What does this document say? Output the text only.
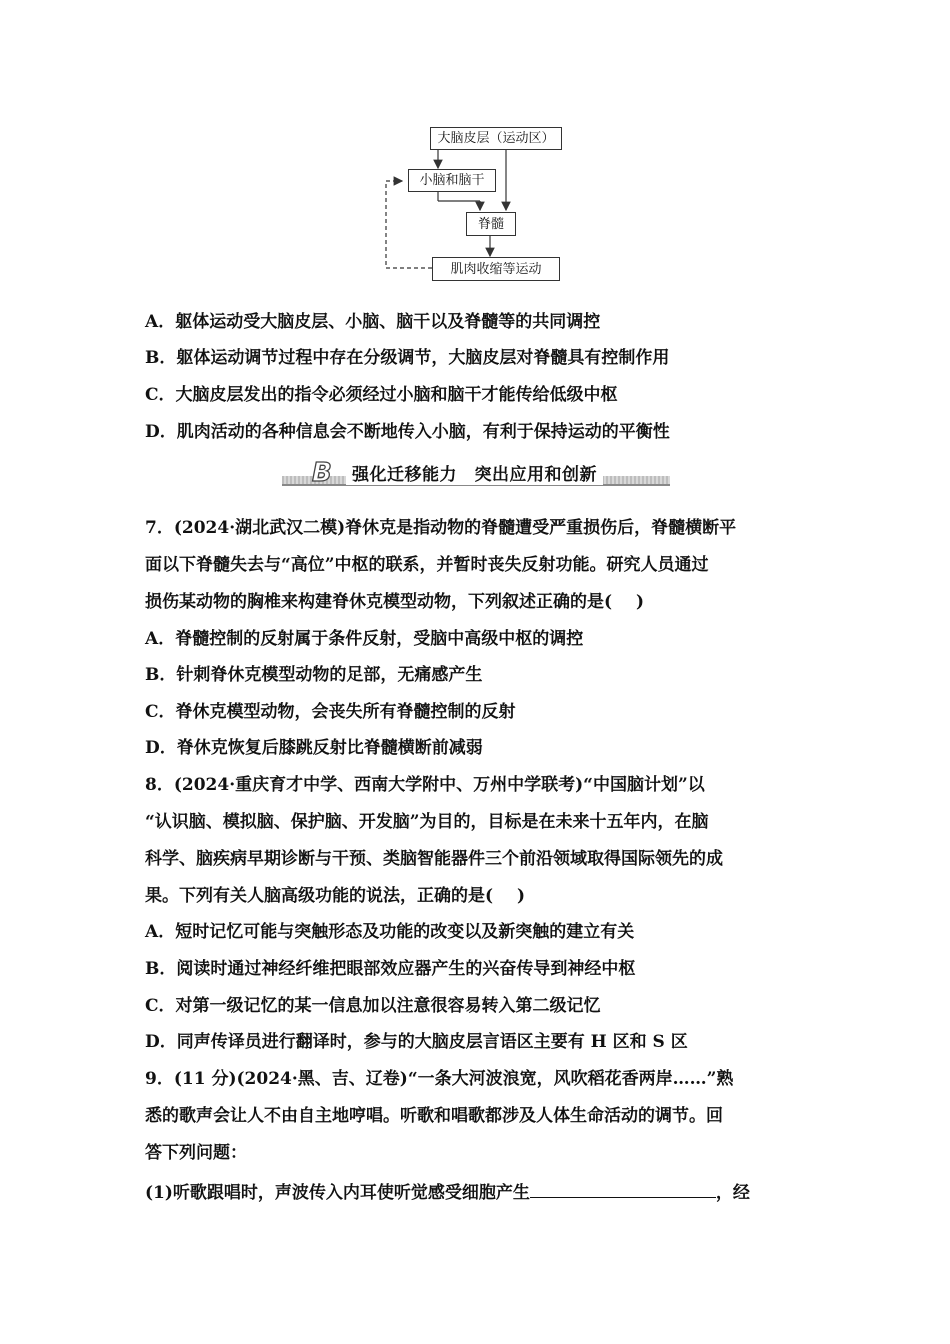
大脑皮层（运动区）
小脑和脑干
脊髓
肌肉收缩等运动

A．躯体运动受大脑皮层、小脑、脑干以及脊髓等的共同调控

B．躯体运动调节过程中存在分级调节，大脑皮层对脊髓具有控制作用

C．大脑皮层发出的指令必须经过小脑和脑干才能传给低级中枢

D．肌肉活动的各种信息会不断地传入小脑，有利于保持运动的平衡性

B	强化迁移能力　突出应用和创新

7．(2024·湖北武汉二模)脊休克是指动物的脊髓遭受严重损伤后，脊髓横断平

面以下脊髓失去与“高位”中枢的联系，并暂时丧失反射功能。研究人员通过

损伤某动物的胸椎来构建脊休克模型动物，下列叙述正确的是( )

A．脊髓控制的反射属于条件反射，受脑中高级中枢的调控

B．针刺脊休克模型动物的足部，无痛感产生

C．脊休克模型动物，会丧失所有脊髓控制的反射

D．脊休克恢复后膝跳反射比脊髓横断前减弱

8．(2024·重庆育才中学、西南大学附中、万州中学联考)“中国脑计划”以

“认识脑、模拟脑、保护脑、开发脑”为目的，目标是在未来十五年内，在脑

科学、脑疾病早期诊断与干预、类脑智能器件三个前沿领域取得国际领先的成

果。下列有关人脑高级功能的说法，正确的是( )

A．短时记忆可能与突触形态及功能的改变以及新突触的建立有关

B．阅读时通过神经纤维把眼部效应器产生的兴奋传导到神经中枢

C．对第一级记忆的某一信息加以注意很容易转入第二级记忆

D．同声传译员进行翻译时，参与的大脑皮层言语区主要有 H 区和 S 区

9．(11 分)(2024·黑、吉、辽卷)“一条大河波浪宽，风吹稻花香两岸……”熟

悉的歌声会让人不由自主地哼唱。听歌和唱歌都涉及人体生命活动的调节。回

答下列问题：

(1)听歌跟唱时，声波传入内耳使听觉感受细胞产生	，经
